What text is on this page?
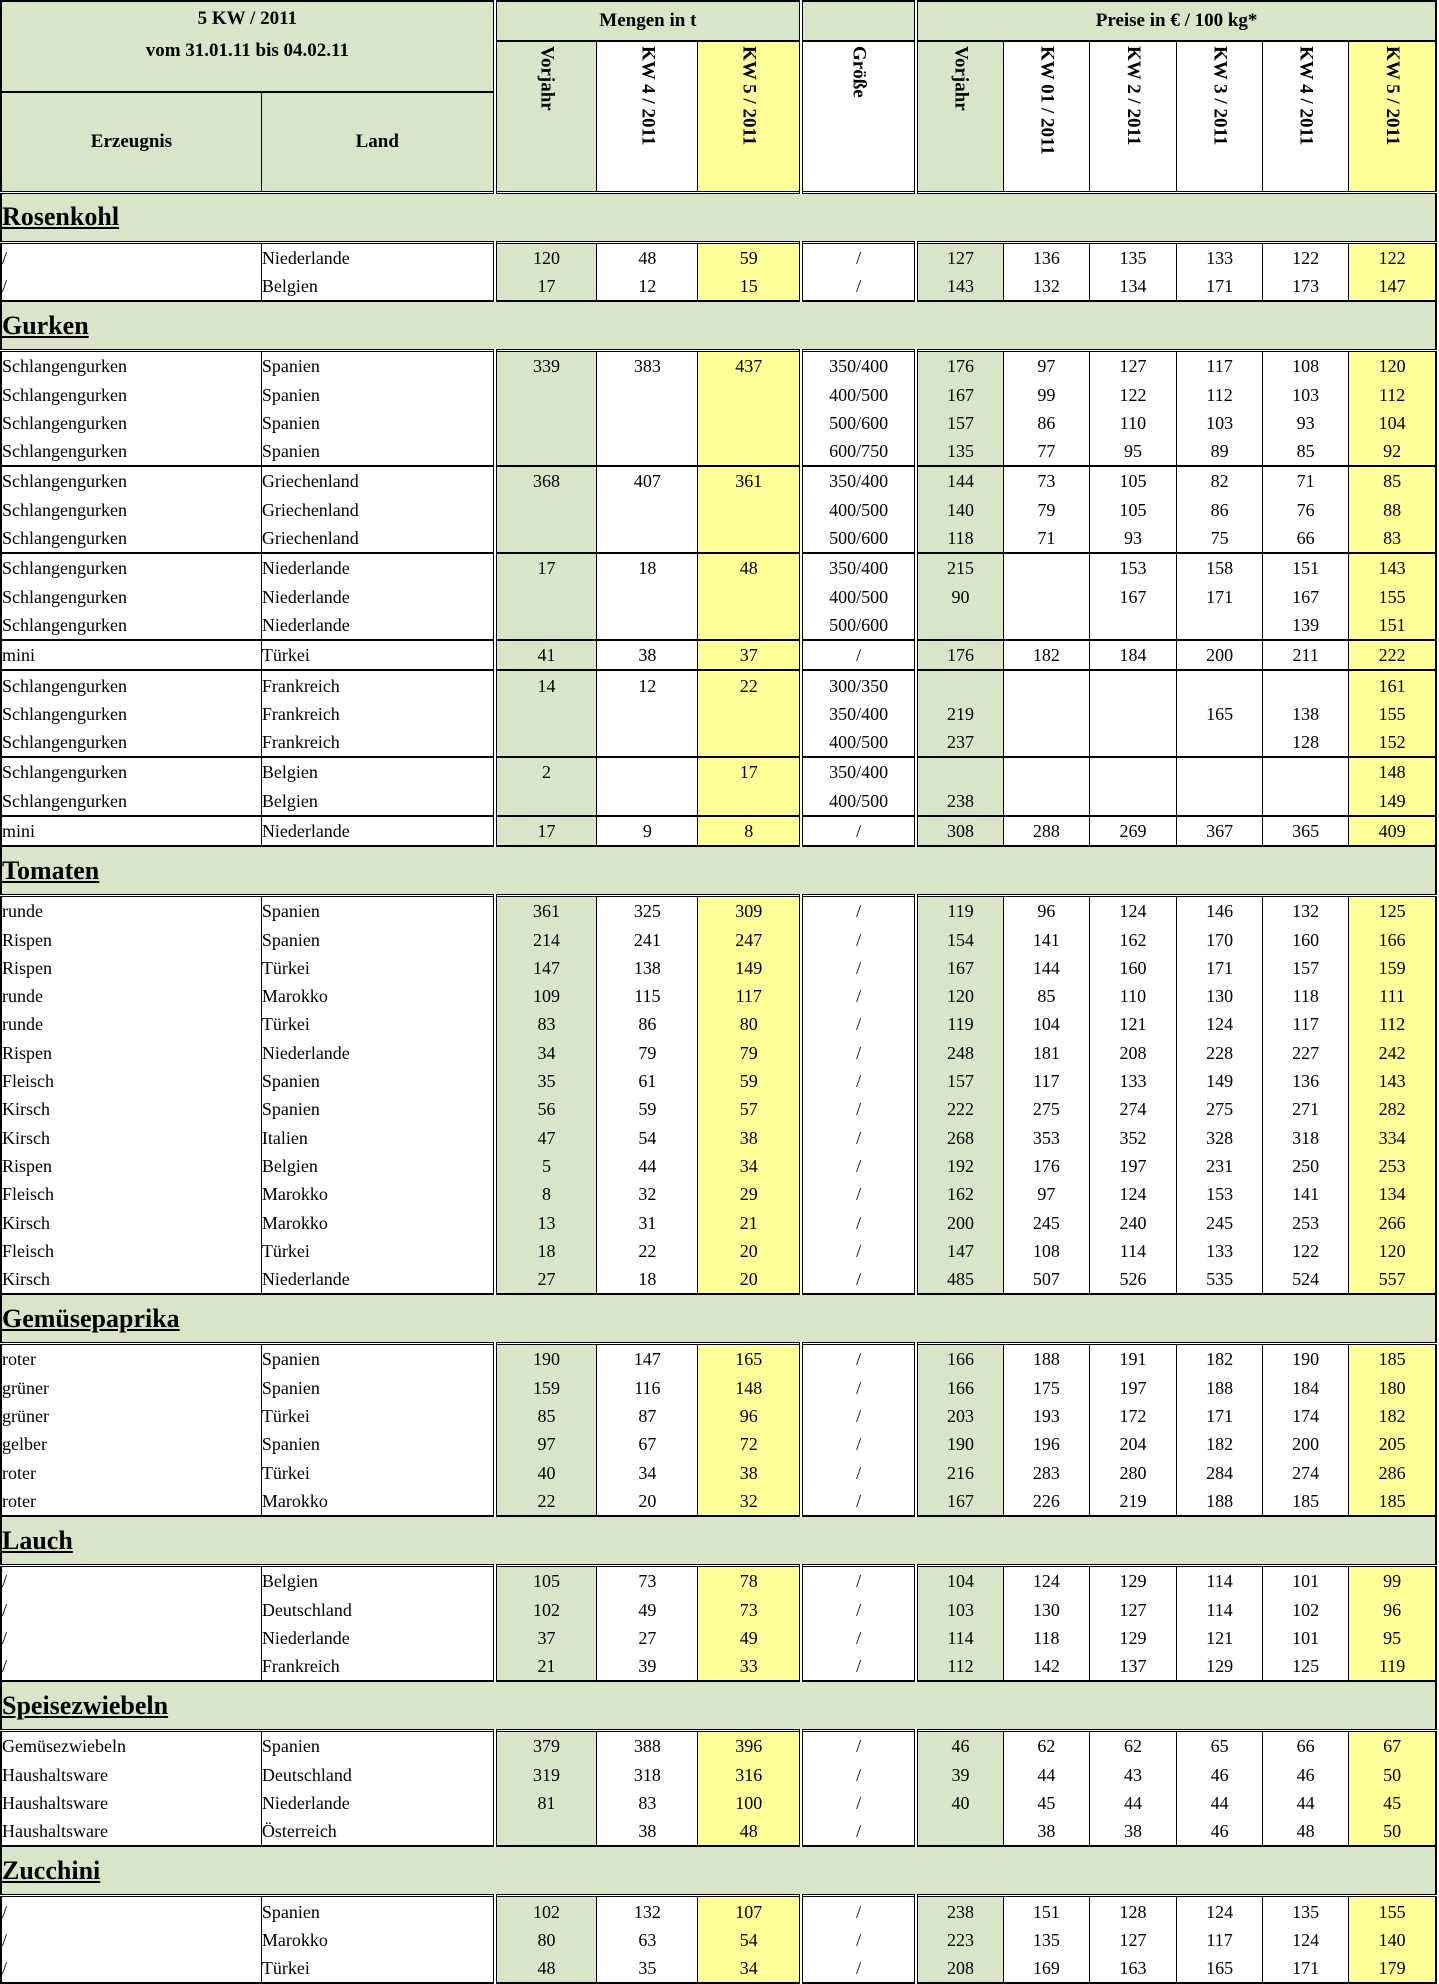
5 KW / 2011
vom 31.01.11 bis 04.02.11		Mengen in t				Preise in € / 100 kg*					
		Vorjahr	KW 4 / 2011	KW 5 / 2011	Größe	Vorjahr	KW 01 / 2011	KW 2 / 2011	KW 3 / 2011	KW 4 / 2011	KW 5 / 2011
Erzeugnis	Land										
Rosenkohl											
/	Niederlande	120	48	59	/	127	136	135	133	122	122
/	Belgien	17	12	15	/	143	132	134	171	173	147
Gurken											
Schlangengurken	Spanien	339	383	437	350/400	176	97	127	117	108	120
Schlangengurken	Spanien				400/500	167	99	122	112	103	112
Schlangengurken	Spanien				500/600	157	86	110	103	93	104
Schlangengurken	Spanien				600/750	135	77	95	89	85	92
Schlangengurken	Griechenland	368	407	361	350/400	144	73	105	82	71	85
Schlangengurken	Griechenland				400/500	140	79	105	86	76	88
Schlangengurken	Griechenland				500/600	118	71	93	75	66	83
Schlangengurken	Niederlande	17	18	48	350/400	215		153	158	151	143
Schlangengurken	Niederlande				400/500	90		167	171	167	155
Schlangengurken	Niederlande				500/600					139	151
mini	Türkei	41	38	37	/	176	182	184	200	211	222
Schlangengurken	Frankreich	14	12	22	300/350						161
Schlangengurken	Frankreich				350/400	219			165	138	155
Schlangengurken	Frankreich				400/500	237				128	152
Schlangengurken	Belgien	2		17	350/400						148
Schlangengurken	Belgien				400/500	238					149
mini	Niederlande	17	9	8	/	308	288	269	367	365	409
Tomaten											
runde	Spanien	361	325	309	/	119	96	124	146	132	125
Rispen	Spanien	214	241	247	/	154	141	162	170	160	166
Rispen	Türkei	147	138	149	/	167	144	160	171	157	159
runde	Marokko	109	115	117	/	120	85	110	130	118	111
runde	Türkei	83	86	80	/	119	104	121	124	117	112
Rispen	Niederlande	34	79	79	/	248	181	208	228	227	242
Fleisch	Spanien	35	61	59	/	157	117	133	149	136	143
Kirsch	Spanien	56	59	57	/	222	275	274	275	271	282
Kirsch	Italien	47	54	38	/	268	353	352	328	318	334
Rispen	Belgien	5	44	34	/	192	176	197	231	250	253
Fleisch	Marokko	8	32	29	/	162	97	124	153	141	134
Kirsch	Marokko	13	31	21	/	200	245	240	245	253	266
Fleisch	Türkei	18	22	20	/	147	108	114	133	122	120
Kirsch	Niederlande	27	18	20	/	485	507	526	535	524	557
Gemüsepaprika											
roter	Spanien	190	147	165	/	166	188	191	182	190	185
grüner	Spanien	159	116	148	/	166	175	197	188	184	180
grüner	Türkei	85	87	96	/	203	193	172	171	174	182
gelber	Spanien	97	67	72	/	190	196	204	182	200	205
roter	Türkei	40	34	38	/	216	283	280	284	274	286
roter	Marokko	22	20	32	/	167	226	219	188	185	185
Lauch											
/	Belgien	105	73	78	/	104	124	129	114	101	99
/	Deutschland	102	49	73	/	103	130	127	114	102	96
/	Niederlande	37	27	49	/	114	118	129	121	101	95
/	Frankreich	21	39	33	/	112	142	137	129	125	119
Speisezwiebeln											
Gemüsezwiebeln	Spanien	379	388	396	/	46	62	62	65	66	67
Haushaltsware	Deutschland	319	318	316	/	39	44	43	46	46	50
Haushaltsware	Niederlande	81	83	100	/	40	45	44	44	44	45
Haushaltsware	Österreich		38	48	/		38	38	46	48	50
Zucchini											
/	Spanien	102	132	107	/	238	151	128	124	135	155
/	Marokko	80	63	54	/	223	135	127	117	124	140
/	Türkei	48	35	34	/	208	169	163	165	171	179
